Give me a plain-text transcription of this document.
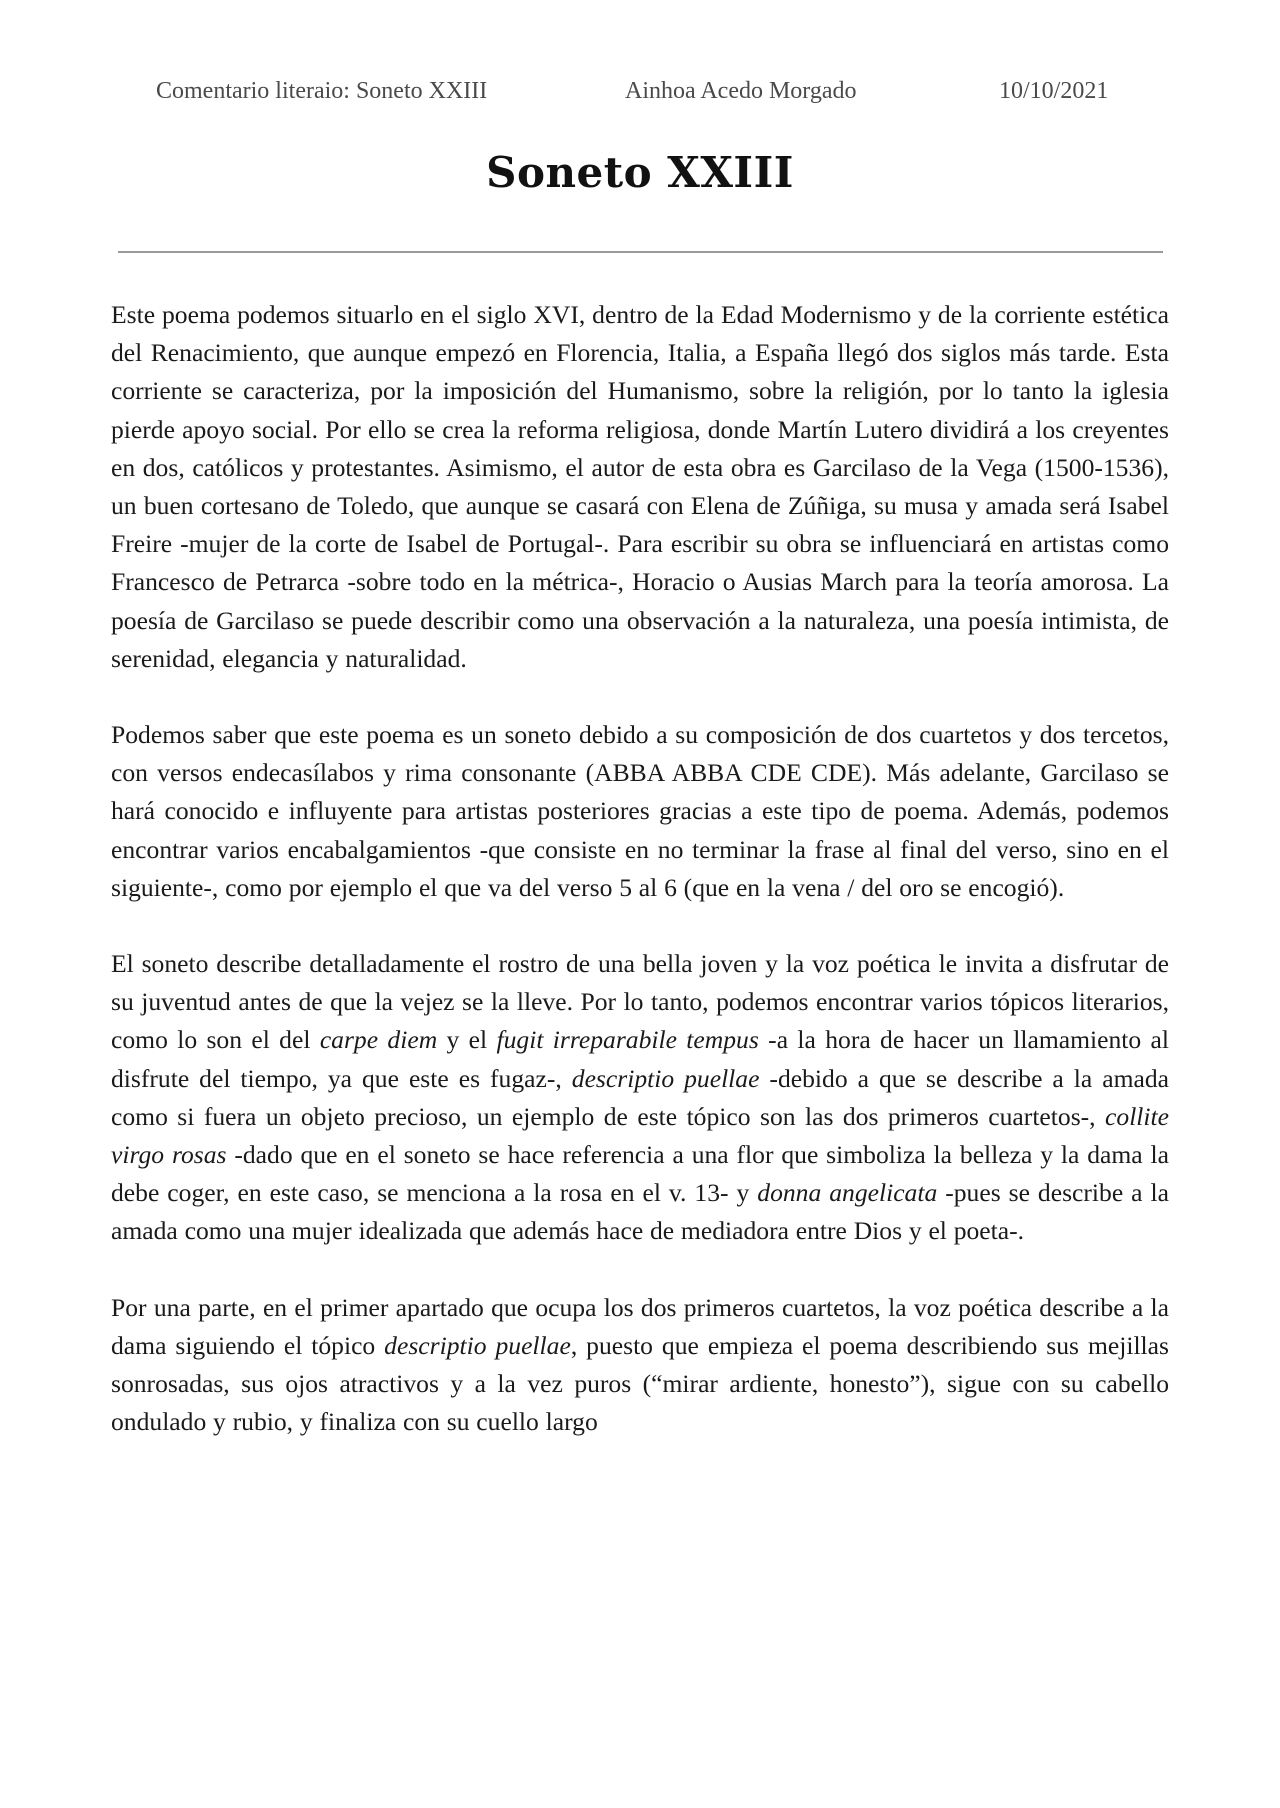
Comentario literaio: Soneto XXIII	Ainhoa Acedo Morgado	10/10/2021
Soneto XXIII

Este poema podemos situarlo en el siglo XVI, dentro de la Edad Modernismo y de la corriente estética del Renacimiento, que aunque empezó en Florencia, Italia, a España llegó dos siglos más tarde. Esta corriente se caracteriza, por la imposición del Humanismo, sobre la religión, por lo tanto la iglesia pierde apoyo social. Por ello se crea la reforma religiosa, donde Martín Lutero dividirá a los creyentes en dos, católicos y protestantes. Asimismo, el autor de esta obra es Garcilaso de la Vega (1500-1536), un buen cortesano de Toledo, que aunque se casará con Elena de Zúñiga, su musa y amada será Isabel Freire -mujer de la corte de Isabel de Portugal-. Para escribir su obra se influenciará en artistas como Francesco de Petrarca -sobre todo en la métrica-, Horacio o Ausias March para la teoría amorosa. La poesía de Garcilaso se puede describir como una observación a la naturaleza, una poesía intimista, de serenidad, elegancia y naturalidad.

Podemos saber que este poema es un soneto debido a su composición de dos cuartetos y dos tercetos, con versos endecasílabos y rima consonante (ABBA ABBA CDE CDE). Más adelante, Garcilaso se hará conocido e influyente para artistas posteriores gracias a este tipo de poema. Además, podemos encontrar varios encabalgamientos -que consiste en no terminar la frase al final del verso, sino en el siguiente-, como por ejemplo el que va del verso 5 al 6 (que en la vena / del oro se encogió).

El soneto describe detalladamente el rostro de una bella joven y la voz poética le invita a disfrutar de su juventud antes de que la vejez se la lleve. Por lo tanto, podemos encontrar varios tópicos literarios, como lo son el del carpe diem y el fugit irreparabile tempus -a la hora de hacer un llamamiento al disfrute del tiempo, ya que este es fugaz-, descriptio puellae -debido a que se describe a la amada como si fuera un objeto precioso, un ejemplo de este tópico son las dos primeros cuartetos-, collite virgo rosas -dado que en el soneto se hace referencia a una flor que simboliza la belleza y la dama la debe coger, en este caso, se menciona a la rosa en el v. 13- y donna angelicata -pues se describe a la amada como una mujer idealizada que además hace de mediadora entre Dios y el poeta-.

Por una parte, en el primer apartado que ocupa los dos primeros cuartetos, la voz poética describe a la dama siguiendo el tópico descriptio puellae, puesto que empieza el poema describiendo sus mejillas sonrosadas, sus ojos atractivos y a la vez puros (“mirar ardiente, honesto”), sigue con su cabello ondulado y rubio, y finaliza con su cuello largo
